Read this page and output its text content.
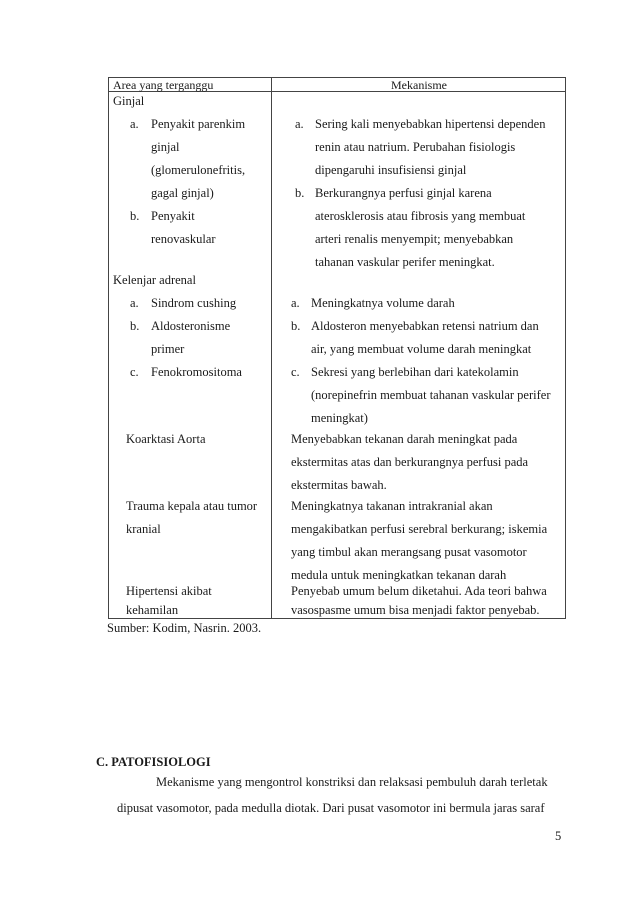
Area yang terganggu	Mekanisme
Ginjal
a. Penyakit parenkim
ginjal
(glomerulonefritis,
gagal ginjal)
b. Penyakit
renovaskular
a. Sering kali menyebabkan hipertensi dependen
renin atau natrium. Perubahan fisiologis
dipengaruhi insufisiensi ginjal
b. Berkurangnya perfusi ginjal karena
aterosklerosis atau fibrosis yang membuat
arteri renalis menyempit; menyebabkan
tahanan vaskular perifer meningkat.
Kelenjar adrenal
a. Sindrom cushing
b. Aldosteronisme
primer
c. Fenokromositoma
a. Meningkatnya volume darah
b. Aldosteron menyebabkan retensi natrium dan
air, yang membuat volume darah meningkat
c. Sekresi yang berlebihan dari katekolamin
(norepinefrin membuat tahanan vaskular perifer
meningkat)
Koarktasi Aorta	Menyebabkan tekanan darah meningkat pada
ekstermitas atas dan berkurangnya perfusi pada
ekstermitas bawah.
Trauma kepala atau tumor
kranial
Meningkatnya takanan intrakranial akan
mengakibatkan perfusi serebral berkurang; iskemia
yang timbul akan merangsang pusat vasomotor
medula untuk meningkatkan tekanan darah
Hipertensi akibat
kehamilan
Penyebab umum belum diketahui. Ada teori bahwa
vasospasme umum bisa menjadi faktor penyebab.
Sumber: Kodim, Nasrin. 2003.
C. PATOFISIOLOGI
Mekanisme yang mengontrol konstriksi dan relaksasi pembuluh darah terletak
dipusat vasomotor, pada medulla diotak. Dari pusat vasomotor ini bermula jaras saraf
5
